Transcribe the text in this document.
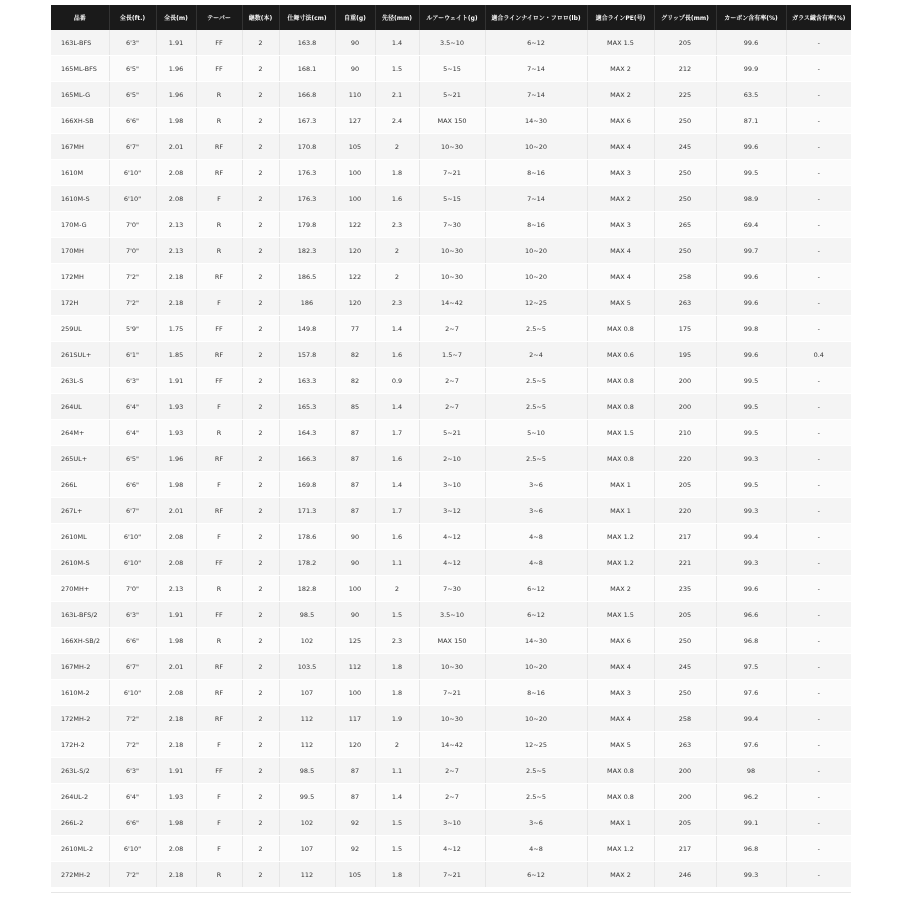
品番	全長(ft.)	全長(m)	テーパー	継数(本)	仕舞寸法(cm)	自重(g)	先径(mm)	ルアーウェイト(g)	適合ラインナイロン・フロロ(lb)	適合ラインPE(号)	グリップ長(mm)	カーボン含有率(%)	ガラス繊含有率(%)
163L-BFS	6'3"	1.91	FF	2	163.8	90	1.4	3.5~10	6~12	MAX 1.5	205	99.6	-
165ML-BFS	6'5"	1.96	FF	2	168.1	90	1.5	5~15	7~14	MAX 2	212	99.9	-
165ML-G	6'5"	1.96	R	2	166.8	110	2.1	5~21	7~14	MAX 2	225	63.5	-
166XH-SB	6'6"	1.98	R	2	167.3	127	2.4	MAX 150	14~30	MAX 6	250	87.1	-
167MH	6'7"	2.01	RF	2	170.8	105	2	10~30	10~20	MAX 4	245	99.6	-
1610M	6'10"	2.08	RF	2	176.3	100	1.8	7~21	8~16	MAX 3	250	99.5	-
1610M-S	6'10"	2.08	F	2	176.3	100	1.6	5~15	7~14	MAX 2	250	98.9	-
170M-G	7'0"	2.13	R	2	179.8	122	2.3	7~30	8~16	MAX 3	265	69.4	-
170MH	7'0"	2.13	R	2	182.3	120	2	10~30	10~20	MAX 4	250	99.7	-
172MH	7'2"	2.18	RF	2	186.5	122	2	10~30	10~20	MAX 4	258	99.6	-
172H	7'2"	2.18	F	2	186	120	2.3	14~42	12~25	MAX 5	263	99.6	-
259UL	5'9"	1.75	FF	2	149.8	77	1.4	2~7	2.5~5	MAX 0.8	175	99.8	-
261SUL+	6'1"	1.85	RF	2	157.8	82	1.6	1.5~7	2~4	MAX 0.6	195	99.6	0.4
263L-S	6'3"	1.91	FF	2	163.3	82	0.9	2~7	2.5~5	MAX 0.8	200	99.5	-
264UL	6'4"	1.93	F	2	165.3	85	1.4	2~7	2.5~5	MAX 0.8	200	99.5	-
264M+	6'4"	1.93	R	2	164.3	87	1.7	5~21	5~10	MAX 1.5	210	99.5	-
265UL+	6'5"	1.96	RF	2	166.3	87	1.6	2~10	2.5~5	MAX 0.8	220	99.3	-
266L	6'6"	1.98	F	2	169.8	87	1.4	3~10	3~6	MAX 1	205	99.5	-
267L+	6'7"	2.01	RF	2	171.3	87	1.7	3~12	3~6	MAX 1	220	99.3	-
2610ML	6'10"	2.08	F	2	178.6	90	1.6	4~12	4~8	MAX 1.2	217	99.4	-
2610M-S	6'10"	2.08	FF	2	178.2	90	1.1	4~12	4~8	MAX 1.2	221	99.3	-
270MH+	7'0"	2.13	R	2	182.8	100	2	7~30	6~12	MAX 2	235	99.6	-
163L-BFS/2	6'3"	1.91	FF	2	98.5	90	1.5	3.5~10	6~12	MAX 1.5	205	96.6	-
166XH-SB/2	6'6"	1.98	R	2	102	125	2.3	MAX 150	14~30	MAX 6	250	96.8	-
167MH-2	6'7"	2.01	RF	2	103.5	112	1.8	10~30	10~20	MAX 4	245	97.5	-
1610M-2	6'10"	2.08	RF	2	107	100	1.8	7~21	8~16	MAX 3	250	97.6	-
172MH-2	7'2"	2.18	RF	2	112	117	1.9	10~30	10~20	MAX 4	258	99.4	-
172H-2	7'2"	2.18	F	2	112	120	2	14~42	12~25	MAX 5	263	97.6	-
263L-S/2	6'3"	1.91	FF	2	98.5	87	1.1	2~7	2.5~5	MAX 0.8	200	98	-
264UL-2	6'4"	1.93	F	2	99.5	87	1.4	2~7	2.5~5	MAX 0.8	200	96.2	-
266L-2	6'6"	1.98	F	2	102	92	1.5	3~10	3~6	MAX 1	205	99.1	-
2610ML-2	6'10"	2.08	F	2	107	92	1.5	4~12	4~8	MAX 1.2	217	96.8	-
272MH-2	7'2"	2.18	R	2	112	105	1.8	7~21	6~12	MAX 2	246	99.3	-
